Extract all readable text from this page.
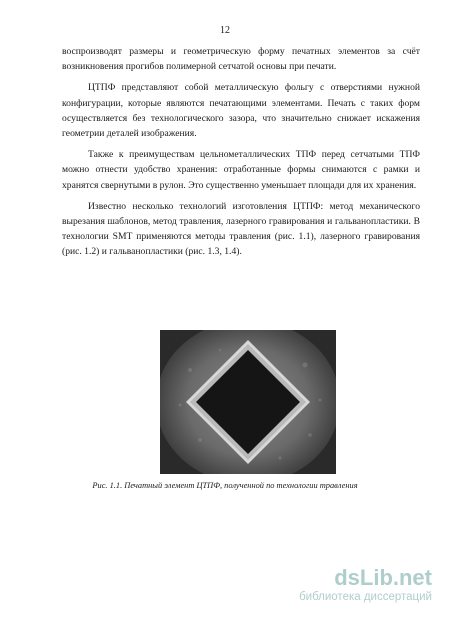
12

воспроизводят размеры и геометрическую форму печатных элементов за счёт возникновения прогибов полимерной сетчатой основы при печати.

ЦТПФ представляют собой металлическую фольгу с отверстиями нужной конфигурации, которые являются печатающими элементами. Печать с таких форм осуществляется без технологического зазора, что значительно снижает искажения геометрии деталей изображения.

Также к преимуществам цельнометаллических ТПФ перед сетчатыми ТПФ можно отнести удобство хранения: отработанные формы снимаются с рамки и хранятся свернутыми в рулон. Это существенно уменьшает площади для их хранения.

Известно несколько технологий изготовления ЦТПФ: метод механического вырезания шаблонов, метод травления, лазерного гравирования и гальванопластики. В технологии SMT применяются методы травления (рис. 1.1), лазерного гравирования (рис. 1.2) и гальванопластики (рис. 1.3, 1.4).

Рис. 1.1. Печатный элемент ЦТПФ, полученной по технологии травления
dsLib.net
библиотека диссертаций
